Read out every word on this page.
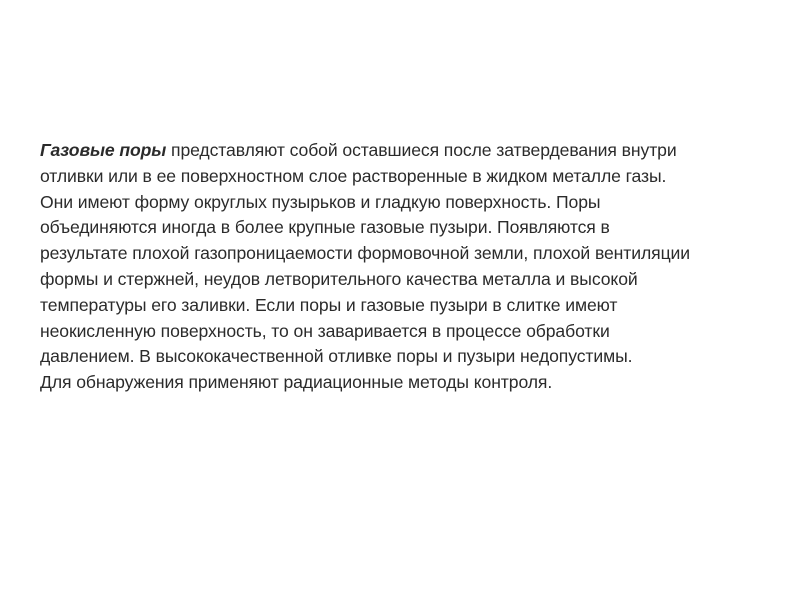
Газовые поры представляют собой оставшиеся после затвердевания внутри
отливки или в ее поверхностном слое растворенные в жидком металле газы.
Они имеют форму округлых пузырьков и гладкую поверхность. Поры
объединяются иногда в более крупные газовые пузыри. Появляются в
результате плохой газопроницаемости формовочной земли, плохой вентиляции
формы и стержней, неудов летворительного качества металла и высокой
температуры его заливки. Если поры и газовые пузыри в слитке имеют
неокисленную поверхность, то он заваривается в процессе обработки
давлением. В высококачественной отливке поры и пузыри недопустимы.
Для обнаружения применяют радиационные методы контроля.
